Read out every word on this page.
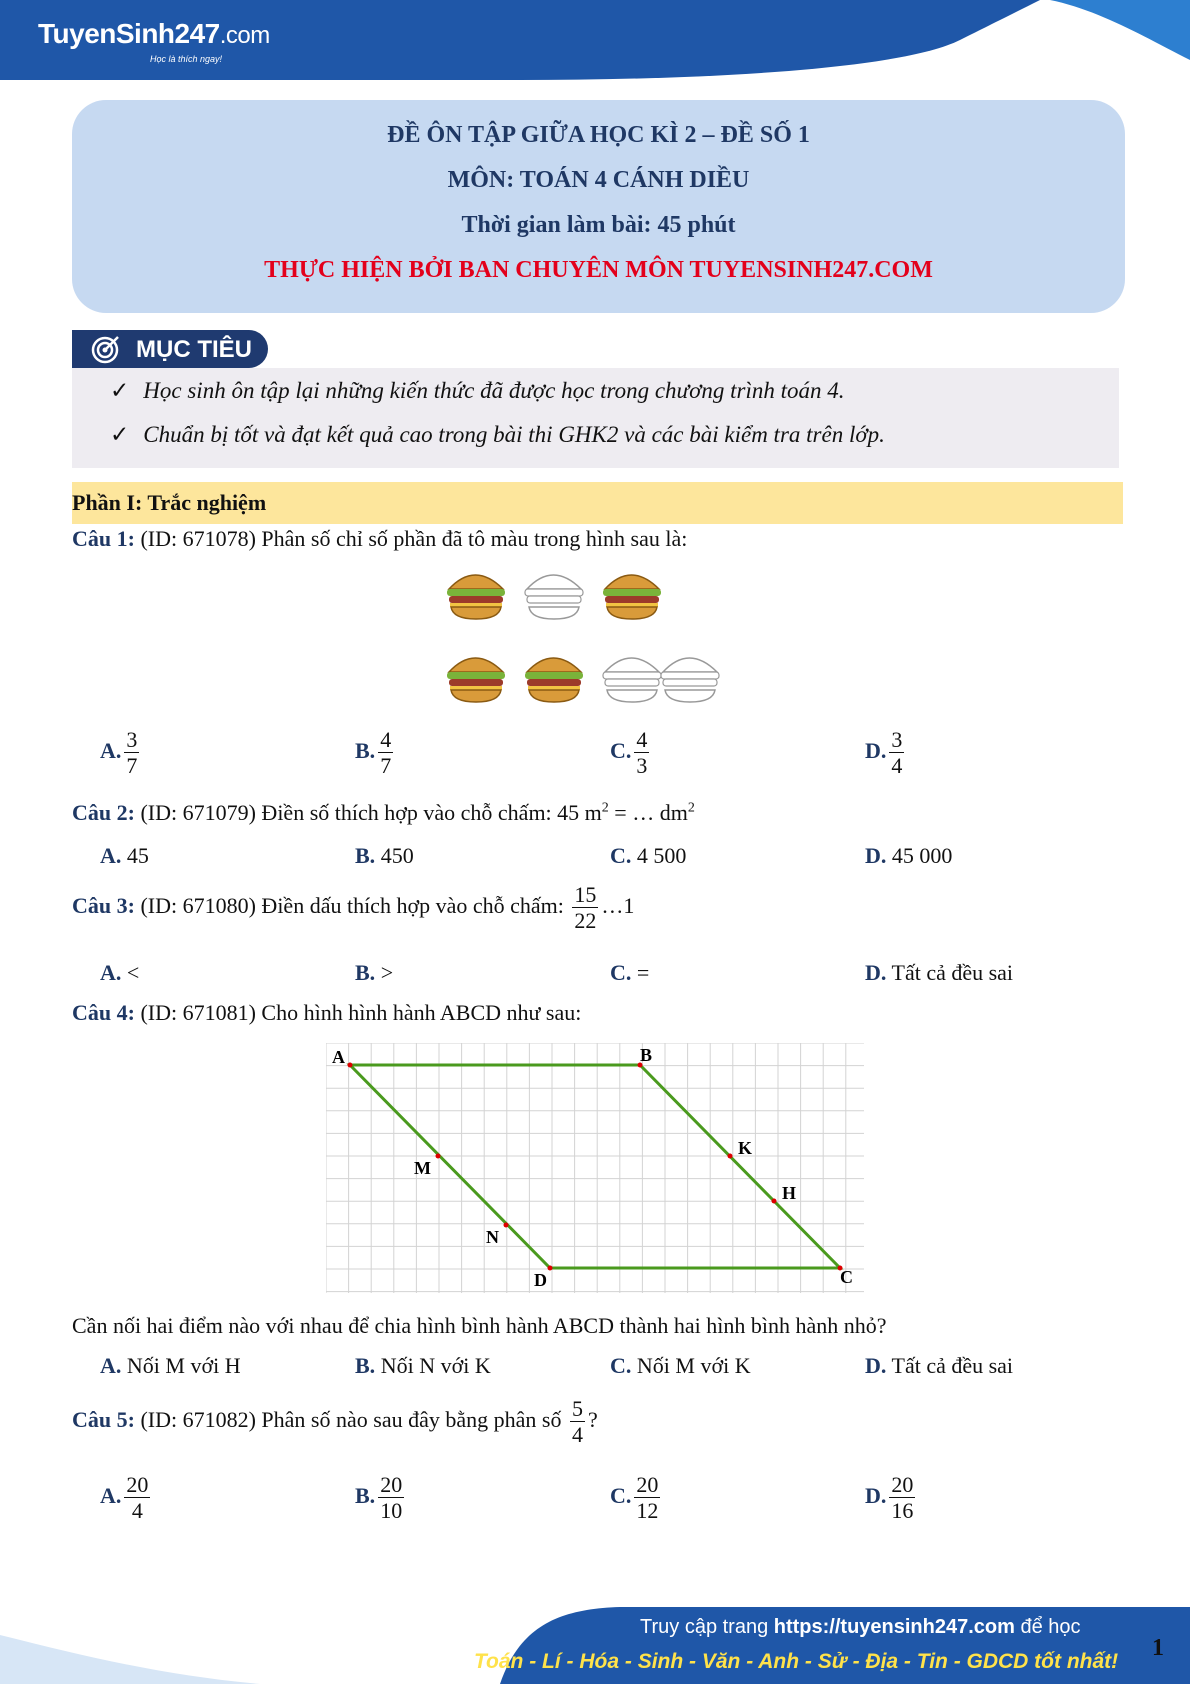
TuyenSinh247.com
Học là thích ngay!
ĐỀ ÔN TẬP GIỮA HỌC KÌ 2 – ĐỀ SỐ 1
MÔN: TOÁN 4 CÁNH DIỀU
Thời gian làm bài: 45 phút
THỰC HIỆN BỞI BAN CHUYÊN MÔN TUYENSINH247.COM
MỤC TIÊU
✓ Học sinh ôn tập lại những kiến thức đã được học trong chương trình toán 4.
✓ Chuẩn bị tốt và đạt kết quả cao trong bài thi GHK2 và các bài kiểm tra trên lớp.
Phần I: Trắc nghiệm
Câu 1: (ID: 671078) Phân số chỉ số phần đã tô màu trong hình sau là:
A. $\frac{3}{7}$	B. $\frac{4}{7}$	C. $\frac{4}{3}$	D. $\frac{3}{4}$
Câu 2: (ID: 671079) Điền số thích hợp vào chỗ chấm: 45 $m^2$ = … $dm^2$
A. 45	B. 450	C. 4 500	D. 45 000
Câu 3: (ID: 671080) Điền dấu thích hợp vào chỗ chấm: $\frac{15}{22}$ …1
A. <	B. >	C. =	D. Tất cả đều sai
Câu 4: (ID: 671081) Cho hình hình hành ABCD như sau:
A	B
C
D
M
N
K
H
Cần nối hai điểm nào với nhau để chia hình bình hành ABCD thành hai hình bình hành nhỏ?
A. Nối M với H	B. Nối N với K	C. Nối M với K	D. Tất cả đều sai
Câu 5: (ID: 671082) Phân số nào sau đây bằng phân số $\frac{5}{4}$ ?
A. $\frac{20}{4}$	B. $\frac{20}{10}$	C. $\frac{20}{12}$	D. $\frac{20}{16}$
Truy cập trang https://tuyensinh247.com để học
Toán - Lí - Hóa - Sinh - Văn - Anh - Sử - Địa - Tin - GDCD tốt nhất!
1
